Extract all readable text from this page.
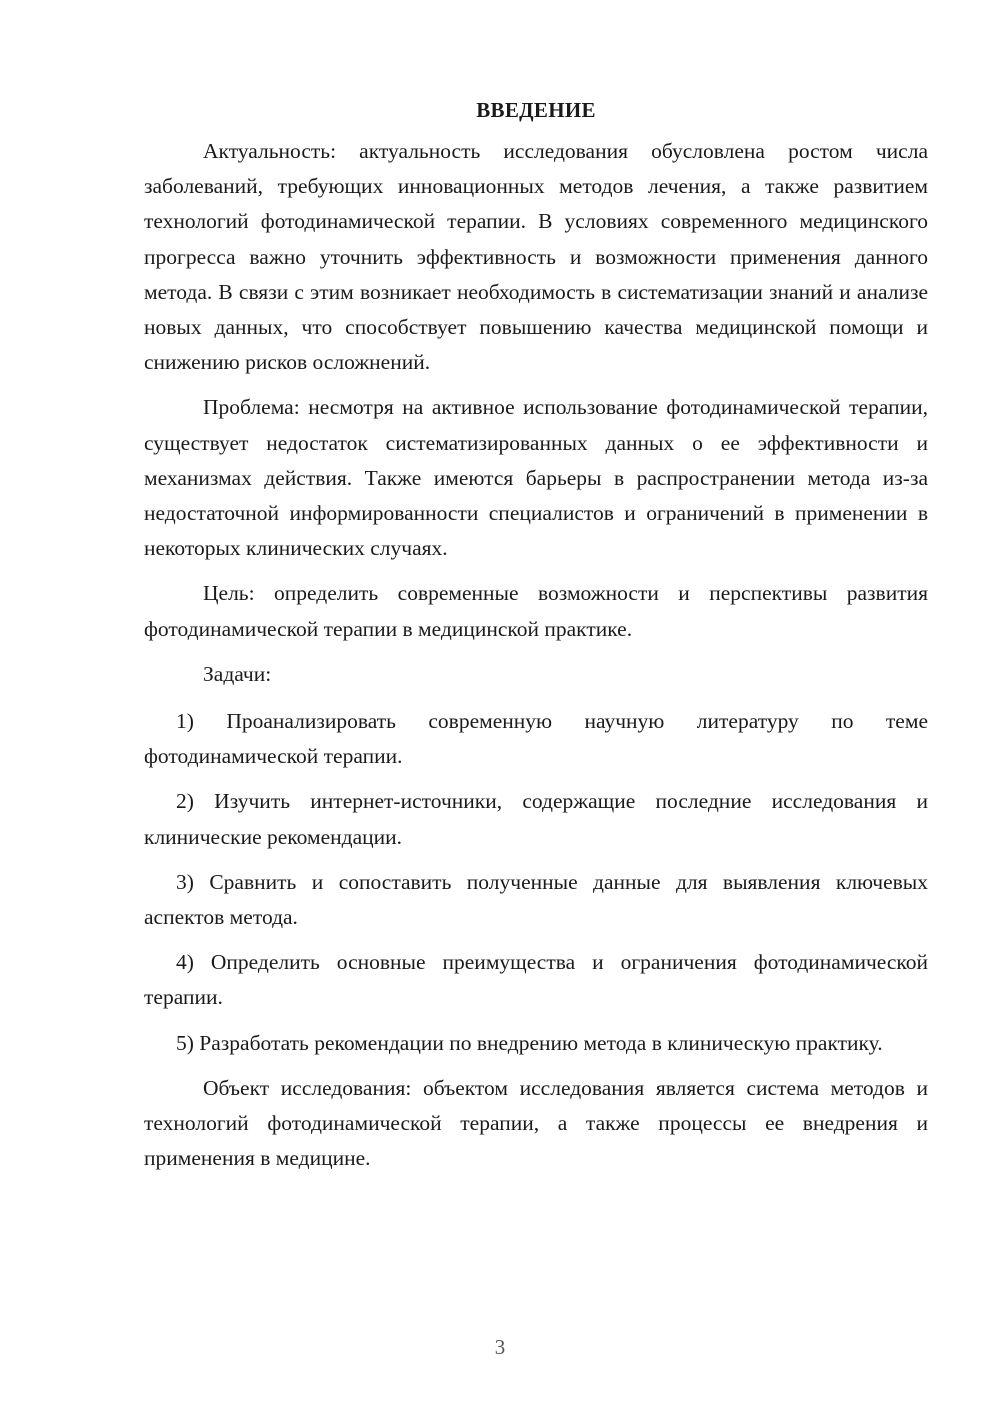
ВВЕДЕНИЕ

Актуальность: актуальность исследования обусловлена ростом числа заболеваний, требующих инновационных методов лечения, а также развитием технологий фотодинамической терапии. В условиях современного медицинского прогресса важно уточнить эффективность и возможности применения данного метода. В связи с этим возникает необходимость в систематизации знаний и анализе новых данных, что способствует повышению качества медицинской помощи и снижению рисков осложнений.

Проблема: несмотря на активное использование фотодинамической терапии, существует недостаток систематизированных данных о ее эффективности и механизмах действия. Также имеются барьеры в распространении метода из-за недостаточной информированности специалистов и ограничений в применении в некоторых клинических случаях.

Цель: определить современные возможности и перспективы развития фотодинамической терапии в медицинской практике.

Задачи:

1) Проанализировать современную научную литературу по теме фотодинамической терапии.

2) Изучить интернет-источники, содержащие последние исследования и клинические рекомендации.

3) Сравнить и сопоставить полученные данные для выявления ключевых аспектов метода.

4) Определить основные преимущества и ограничения фотодинамической терапии.

5) Разработать рекомендации по внедрению метода в клиническую практику.

Объект исследования: объектом исследования является система методов и технологий фотодинамической терапии, а также процессы ее внедрения и применения в медицине.

3
